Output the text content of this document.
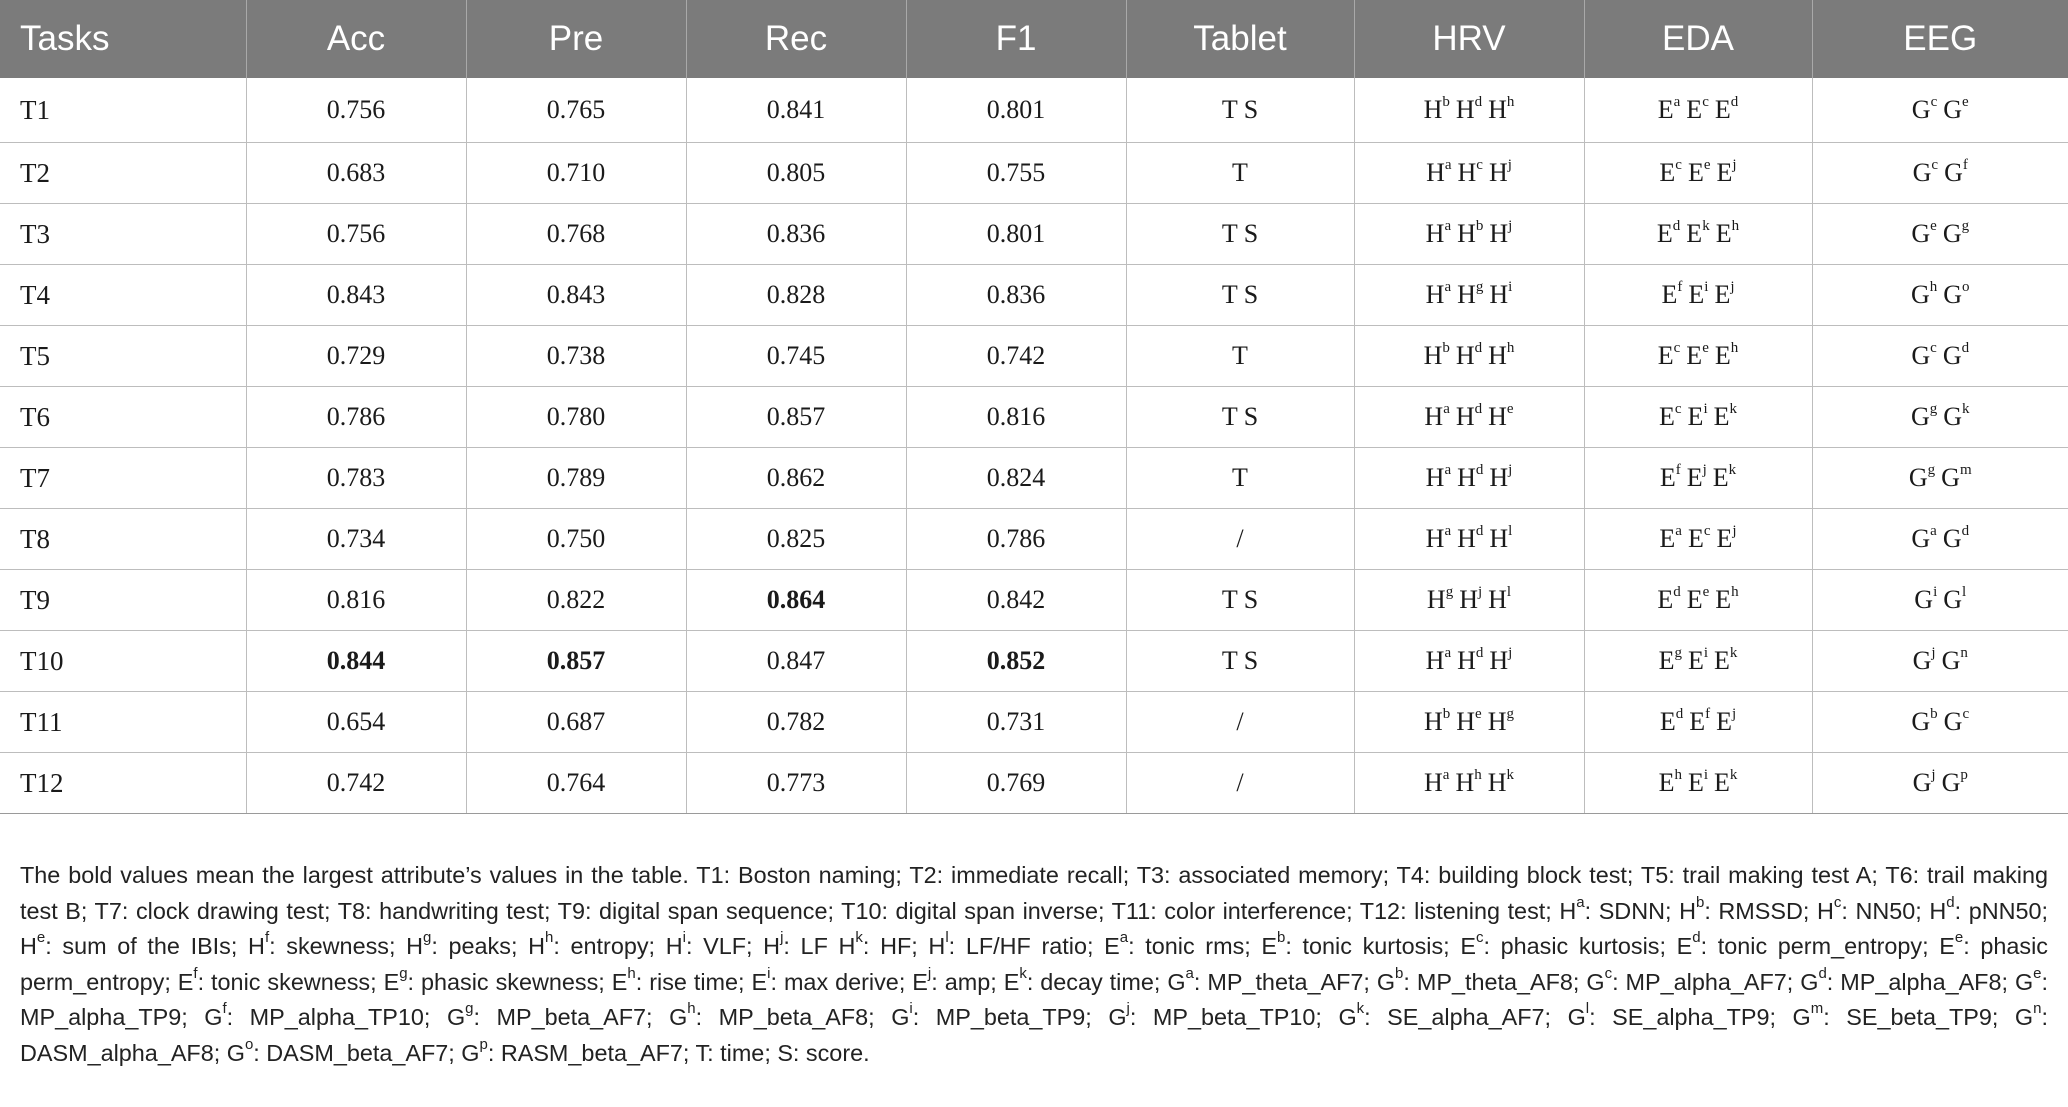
Tasks	Acc	Pre	Rec	F1	Tablet	HRV	EDA	EEG
T1	0.756	0.765	0.841	0.801	T S	$H^b$ $H^d$ $H^h$	$E^a$ $E^c$ $E^d$	$G^c$ $G^e$
T2	0.683	0.710	0.805	0.755	T	$H^a$ $H^c$ $H^j$	$E^c$ $E^e$ $E^j$	$G^c$ $G^f$
T3	0.756	0.768	0.836	0.801	T S	$H^a$ $H^b$ $H^j$	$E^d$ $E^k$ $E^h$	$G^e$ $G^g$
T4	0.843	0.843	0.828	0.836	T S	$H^a$ $H^g$ $H^i$	$E^f$ $E^i$ $E^j$	$G^h$ $G^o$
T5	0.729	0.738	0.745	0.742	T	$H^b$ $H^d$ $H^h$	$E^c$ $E^e$ $E^h$	$G^c$ $G^d$
T6	0.786	0.780	0.857	0.816	T S	$H^a$ $H^d$ $H^e$	$E^c$ $E^i$ $E^k$	$G^g$ $G^k$
T7	0.783	0.789	0.862	0.824	T	$H^a$ $H^d$ $H^j$	$E^f$ $E^j$ $E^k$	$G^g$ $G^m$
T8	0.734	0.750	0.825	0.786	/	$H^a$ $H^d$ $H^l$	$E^a$ $E^c$ $E^j$	$G^a$ $G^d$
T9	0.816	0.822	0.864	0.842	T S	$H^g$ $H^j$ $H^l$	$E^d$ $E^e$ $E^h$	$G^i$ $G^l$
T10	0.844	0.857	0.847	0.852	T S	$H^a$ $H^d$ $H^j$	$E^g$ $E^i$ $E^k$	$G^j$ $G^n$
T11	0.654	0.687	0.782	0.731	/	$H^b$ $H^e$ $H^g$	$E^d$ $E^f$ $E^j$	$G^b$ $G^c$
T12	0.742	0.764	0.773	0.769	/	$H^a$ $H^h$ $H^k$	$E^h$ $E^i$ $E^k$	$G^j$ $G^p$

The bold values mean the largest attribute’s values in the table. T1: Boston naming; T2: immediate recall; T3: associated memory; T4: building block test; T5: trail making test A; T6: trail making test B; T7: clock drawing test; T8: handwriting test; T9: digital span sequence; T10: digital span inverse; T11: color interference; T12: listening test; $H^a$: SDNN; $H^b$: RMSSD; $H^c$: NN50; $H^d$: pNN50; $H^e$: sum of the IBIs; $H^f$: skewness; $H^g$: peaks; $H^h$: entropy; $H^i$: VLF; $H^j$: LF $H^k$: HF; $H^l$: LF/HF ratio; $E^a$: tonic rms; $E^b$: tonic kurtosis; $E^c$: phasic kurtosis; $E^d$: tonic perm_entropy; $E^e$: phasic perm_entropy; $E^f$: tonic skewness; $E^g$: phasic skewness; $E^h$: rise time; $E^i$: max derive; $E^j$: amp; $E^k$: decay time; $G^a$: MP_theta_AF7; $G^b$: MP_theta_AF8; $G^c$: MP_alpha_AF7; $G^d$: MP_alpha_AF8; $G^e$: MP_alpha_TP9; $G^f$: MP_alpha_TP10; $G^g$: MP_beta_AF7; $G^h$: MP_beta_AF8; $G^i$: MP_beta_TP9; $G^j$: MP_beta_TP10; $G^k$: SE_alpha_AF7; $G^l$: SE_alpha_TP9; $G^m$: SE_beta_TP9; $G^n$: DASM_alpha_AF8; $G^o$: DASM_beta_AF7; $G^p$: RASM_beta_AF7; T: time; S: score.
